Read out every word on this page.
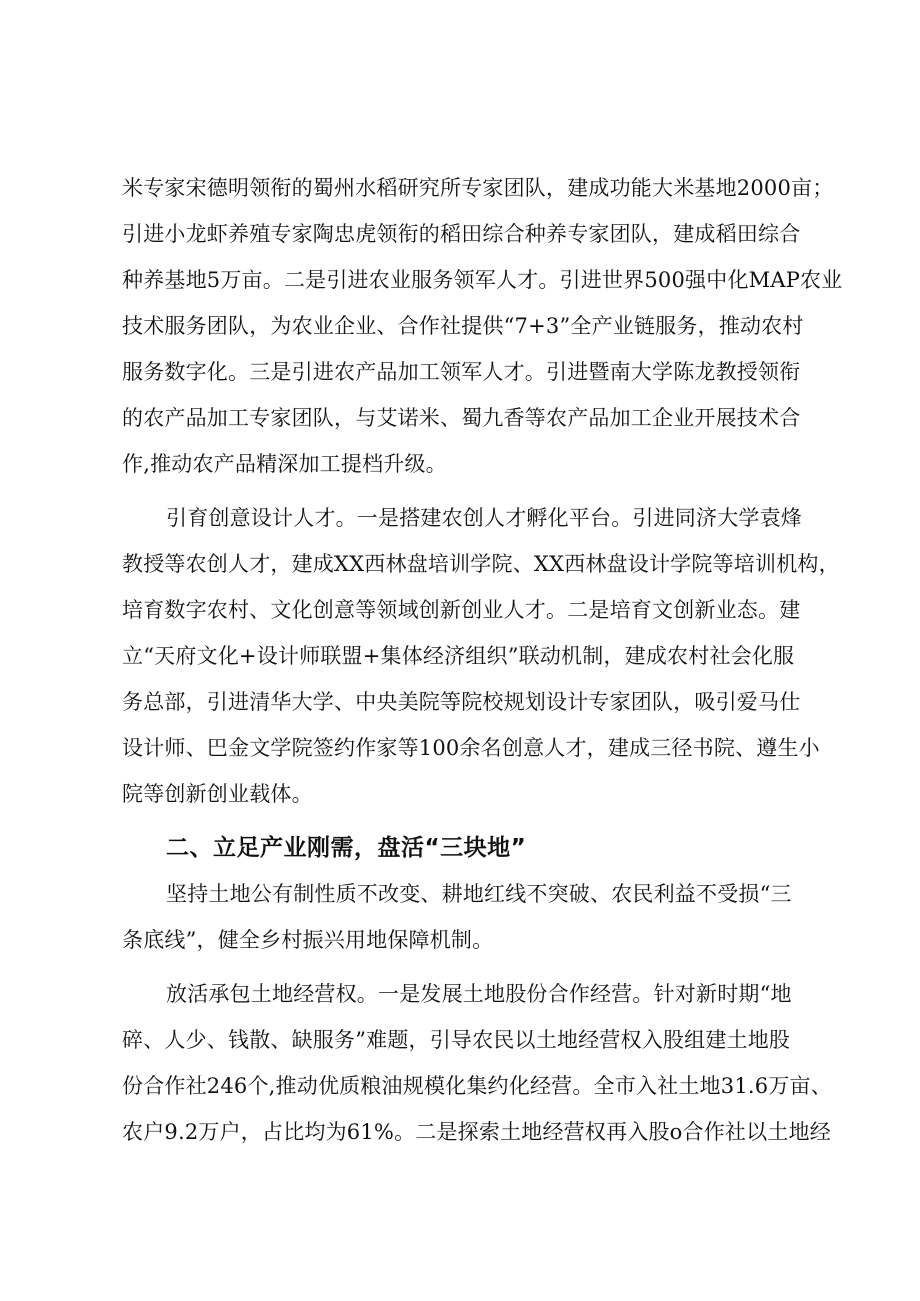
米专家宋德明领衔的蜀州水稻研究所专家团队，建成功能大米基地2000亩；
引进小龙虾养殖专家陶忠虎领衔的稻田综合种养专家团队，建成稻田综合
种养基地5万亩。二是引进农业服务领军人才。引进世界500强中化MAP农业
技术服务团队，为农业企业、合作社提供“7+3”全产业链服务，推动农村
服务数字化。三是引进农产品加工领军人才。引进暨南大学陈龙教授领衔
的农产品加工专家团队，与艾诺米、蜀九香等农产品加工企业开展技术合
作,推动农产品精深加工提档升级。
引育创意设计人才。一是搭建农创人才孵化平台。引进同济大学袁烽
教授等农创人才，建成XX西林盘培训学院、XX西林盘设计学院等培训机构，
培育数字农村、文化创意等领域创新创业人才。二是培育文创新业态。建
立“天府文化+设计师联盟+集体经济组织”联动机制，建成农村社会化服
务总部，引进清华大学、中央美院等院校规划设计专家团队，吸引爱马仕
设计师、巴金文学院签约作家等100余名创意人才，建成三径书院、遵生小
院等创新创业载体。
二、立足产业刚需，盘活“三块地”
坚持土地公有制性质不改变、耕地红线不突破、农民利益不受损“三
条底线”，健全乡村振兴用地保障机制。
放活承包土地经营权。一是发展土地股份合作经营。针对新时期“地
碎、人少、钱散、缺服务”难题，引导农民以土地经营权入股组建土地股
份合作社246个,推动优质粮油规模化集约化经营。全市入社土地31.6万亩、
农户9.2万户，占比均为61%。二是探索土地经营权再入股o合作社以土地经
